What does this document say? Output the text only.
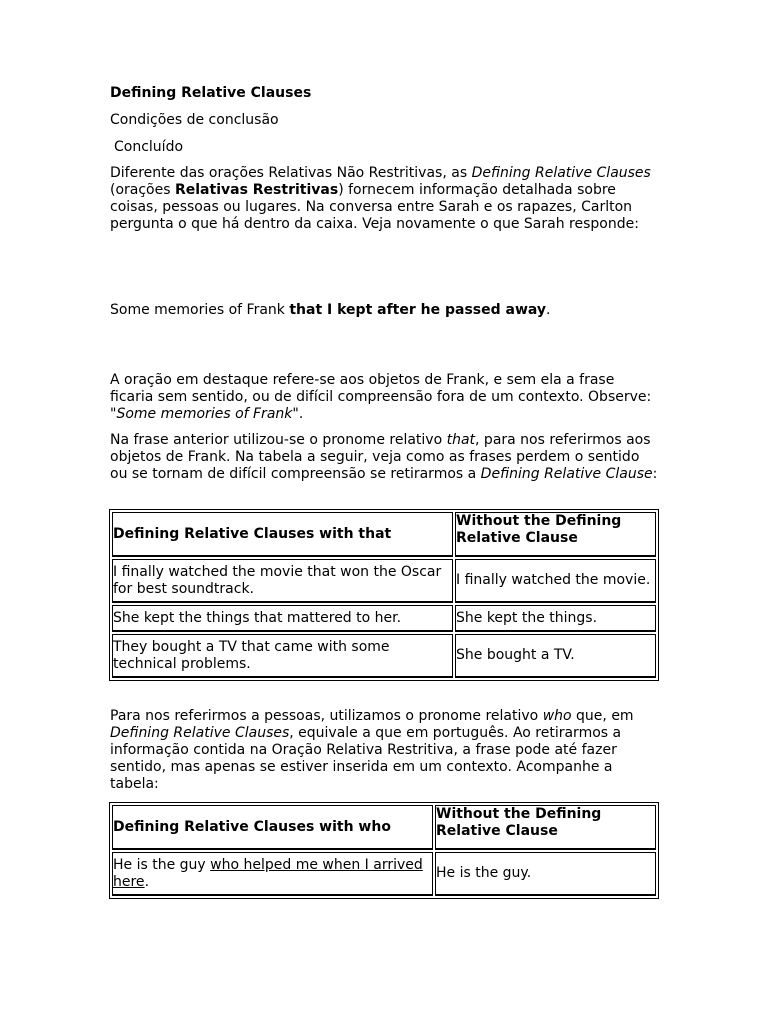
Defining Relative Clauses

Condições de conclusão

Concluído

Diferente das orações Relativas Não Restritivas, as Defining Relative Clauses (orações Relativas Restritivas) fornecem informação detalhada sobre coisas, pessoas ou lugares. Na conversa entre Sarah e os rapazes, Carlton pergunta o que há dentro da caixa. Veja novamente o que Sarah responde:

Some memories of Frank that I kept after he passed away.

A oração em destaque refere-se aos objetos de Frank, e sem ela a frase ficaria sem sentido, ou de difícil compreensão fora de um contexto. Observe: "Some memories of Frank".

Na frase anterior utilizou-se o pronome relativo that, para nos referirmos aos objetos de Frank. Na tabela a seguir, veja como as frases perdem o sentido ou se tornam de difícil compreensão se retirarmos a Defining Relative Clause:

Defining Relative Clauses with that	Without the Defining Relative Clause
I finally watched the movie that won the Oscar for best soundtrack.	I finally watched the movie.
She kept the things that mattered to her.	She kept the things.
They bought a TV that came with some technical problems.	She bought a TV.

Para nos referirmos a pessoas, utilizamos o pronome relativo who que, em Defining Relative Clauses, equivale a que em português. Ao retirarmos a informação contida na Oração Relativa Restritiva, a frase pode até fazer sentido, mas apenas se estiver inserida em um contexto. Acompanhe a tabela:

Defining Relative Clauses with who	Without the Defining Relative Clause
He is the guy who helped me when I arrived here.	He is the guy.
